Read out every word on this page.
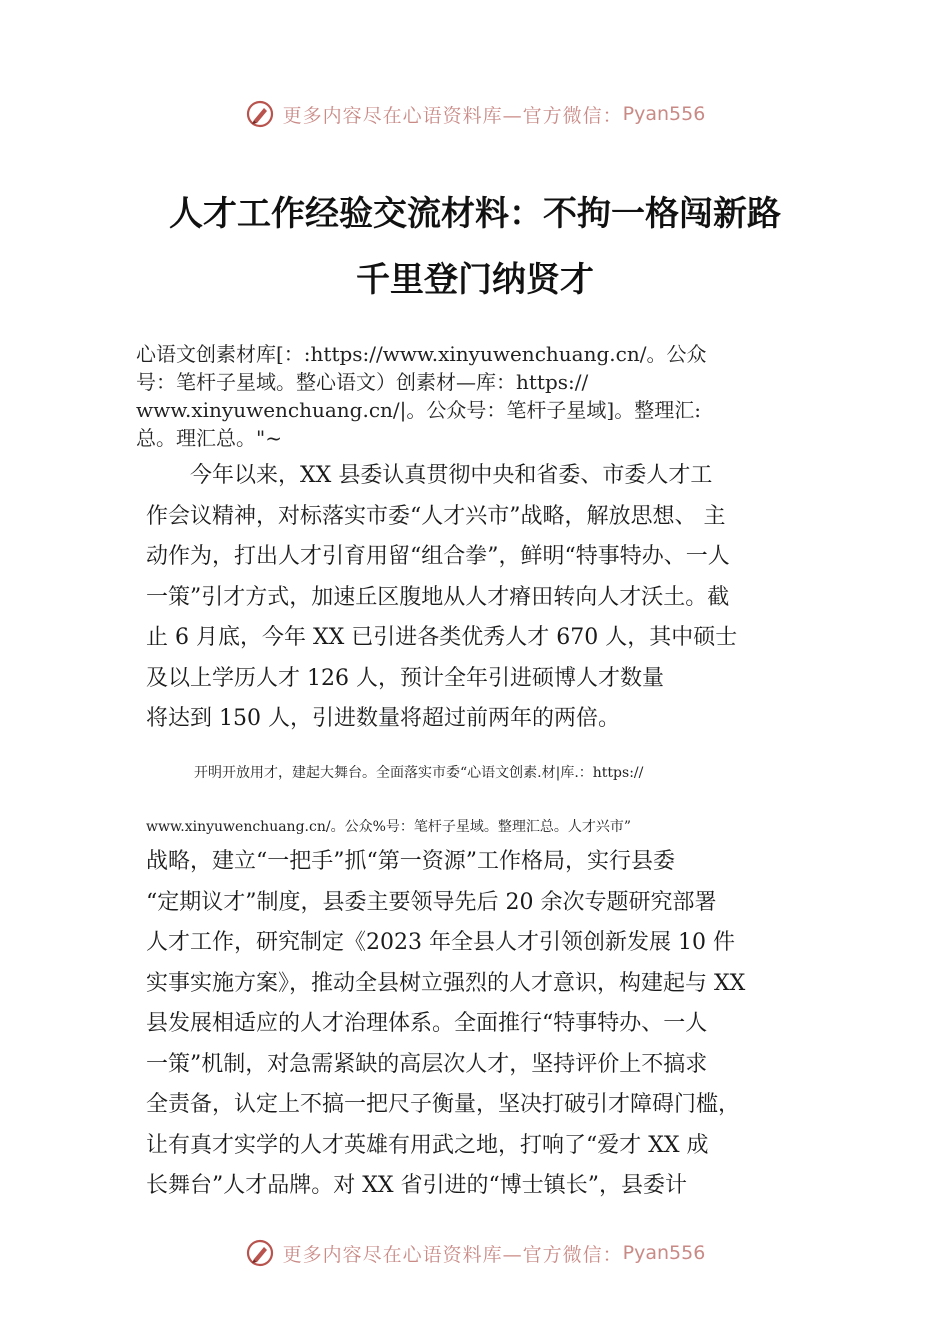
更多内容尽在心语资料库—官方微信： Pyan556
人才工作经验交流材料：不拘一格闯新路
千里登门纳贤才
心语文创素材库[：:https://www.xinyuwenchuang.cn/。公众
号：笔杆子星域。整心语文）创素材—库：https://
www.xinyuwenchuang.cn/|。公众号：笔杆子星域]。整理汇:
总。理汇总。"~
　　今年以来，XX 县委认真贯彻中央和省委、市委人才工
作会议精神，对标落实市委“人才兴市”战略，解放思想、 主
动作为，打出人才引育用留“组合拳”，鲜明“特事特办、一人
一策”引才方式，加速丘区腹地从人才瘠田转向人才沃土。截
止 6 月底，今年 XX 已引进各类优秀人才 670 人，其中硕士
及以上学历人才 126 人，预计全年引进硕博人才数量
将达到 150 人，引进数量将超过前两年的两倍。
开明开放用才，建起大舞台。全面落实市委“心语文创素.材|库.：https://
www.xinyuwenchuang.cn/。公众%号：笔杆子星域。整理汇总。人才兴市”
战略，建立“一把手”抓“第一资源”工作格局，实行县委
“定期议才”制度，县委主要领导先后 20 余次专题研究部署
人才工作，研究制定《2023 年全县人才引领创新发展 10 件
实事实施方案》，推动全县树立强烈的人才意识，构建起与 XX
县发展相适应的人才治理体系。全面推行“特事特办、一人
一策”机制，对急需紧缺的高层次人才，坚持评价上不搞求
全责备，认定上不搞一把尺子衡量，坚决打破引才障碍门槛，
让有真才实学的人才英雄有用武之地，打响了“爱才 XX 成
长舞台”人才品牌。对 XX 省引进的“博士镇长”，县委计
更多内容尽在心语资料库—官方微信： Pyan556
